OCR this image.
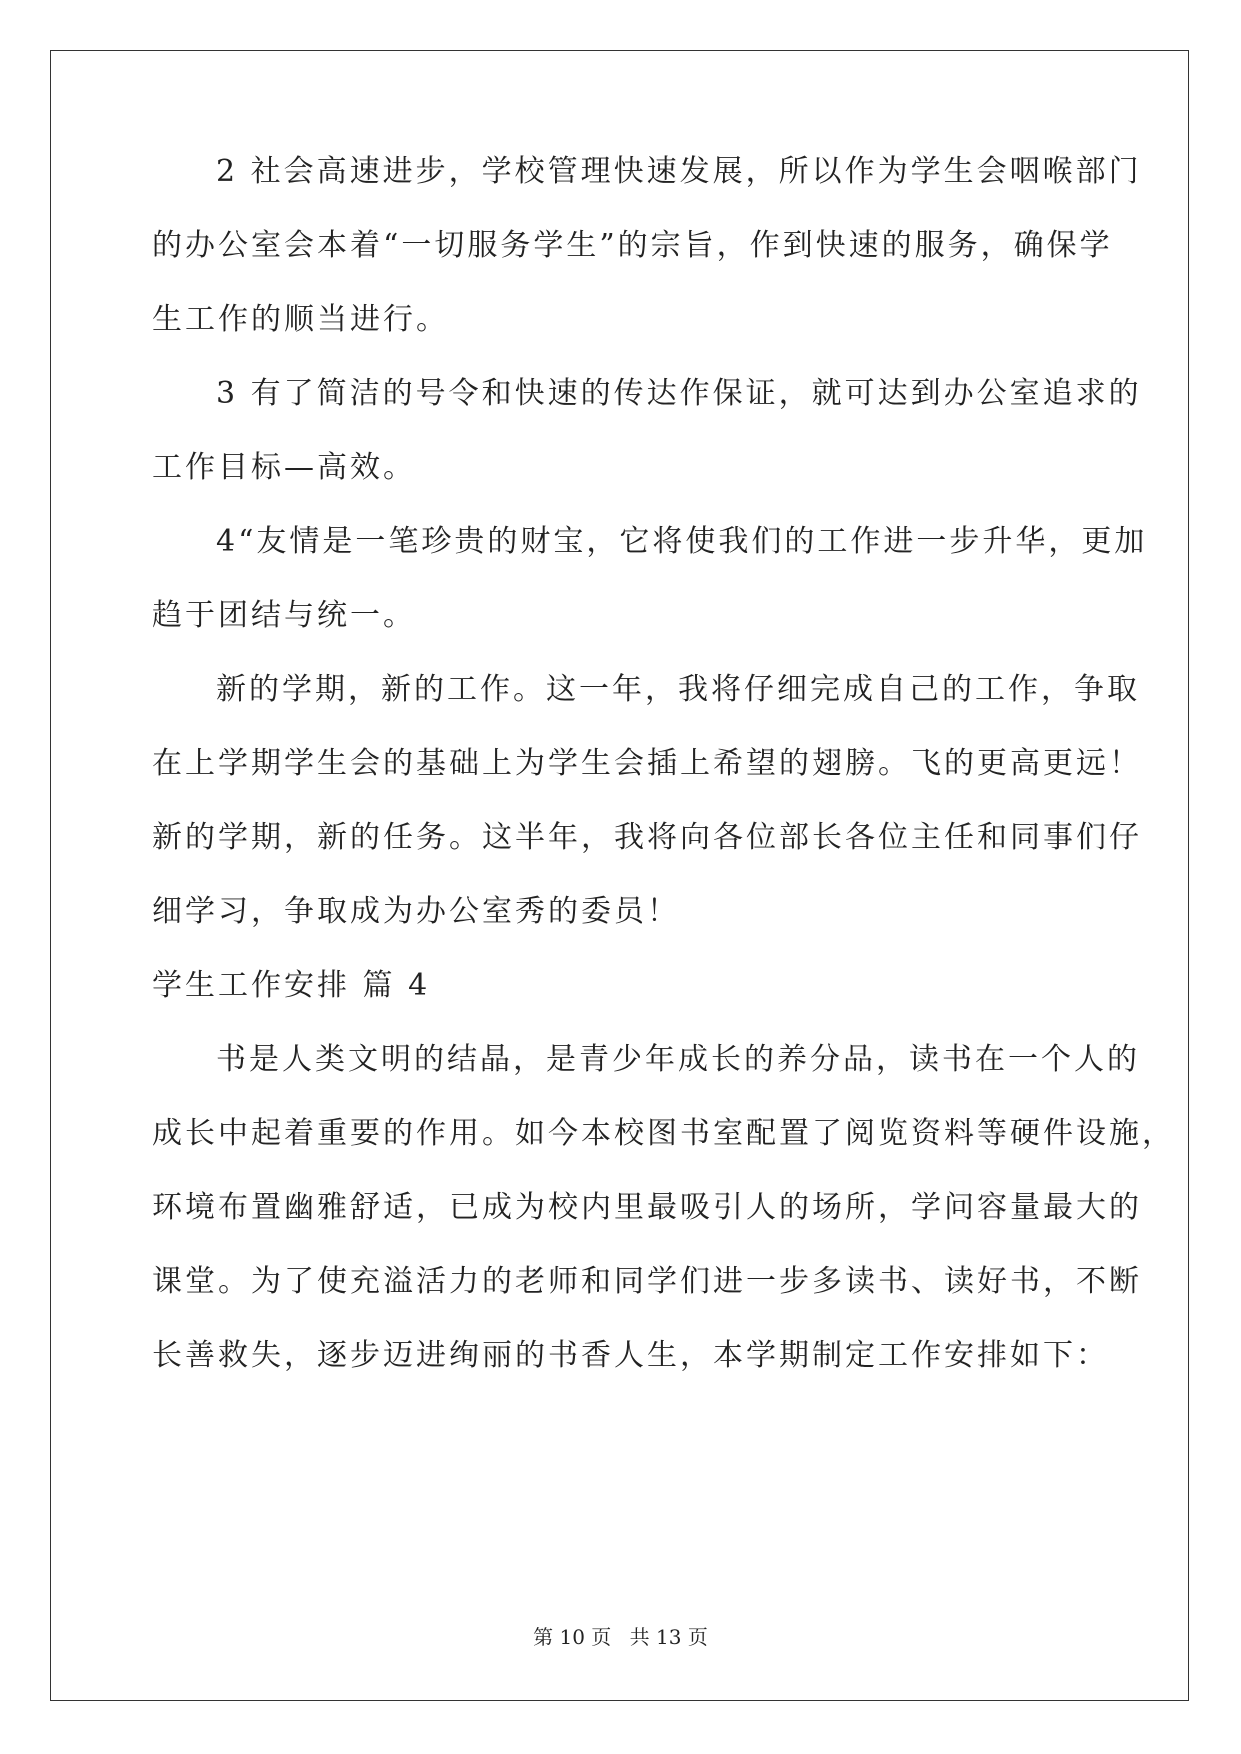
2 社会高速进步，学校管理快速发展，所以作为学生会咽喉部门
的办公室会本着“一切服务学生”的宗旨，作到快速的服务，确保学
生工作的顺当进行。
3 有了简洁的号令和快速的传达作保证，就可达到办公室追求的
工作目标—高效。
4“友情是一笔珍贵的财宝，它将使我们的工作进一步升华，更加
趋于团结与统一。
新的学期，新的工作。这一年，我将仔细完成自己的工作，争取
在上学期学生会的基础上为学生会插上希望的翅膀。飞的更高更远！
新的学期，新的任务。这半年，我将向各位部长各位主任和同事们仔
细学习，争取成为办公室秀的委员！
学生工作安排 篇 4
书是人类文明的结晶，是青少年成长的养分品，读书在一个人的
成长中起着重要的作用。如今本校图书室配置了阅览资料等硬件设施，
环境布置幽雅舒适，已成为校内里最吸引人的场所，学问容量最大的
课堂。为了使充溢活力的老师和同学们进一步多读书、读好书，不断
长善救失，逐步迈进绚丽的书香人生，本学期制定工作安排如下：
第 10 页 共 13 页
